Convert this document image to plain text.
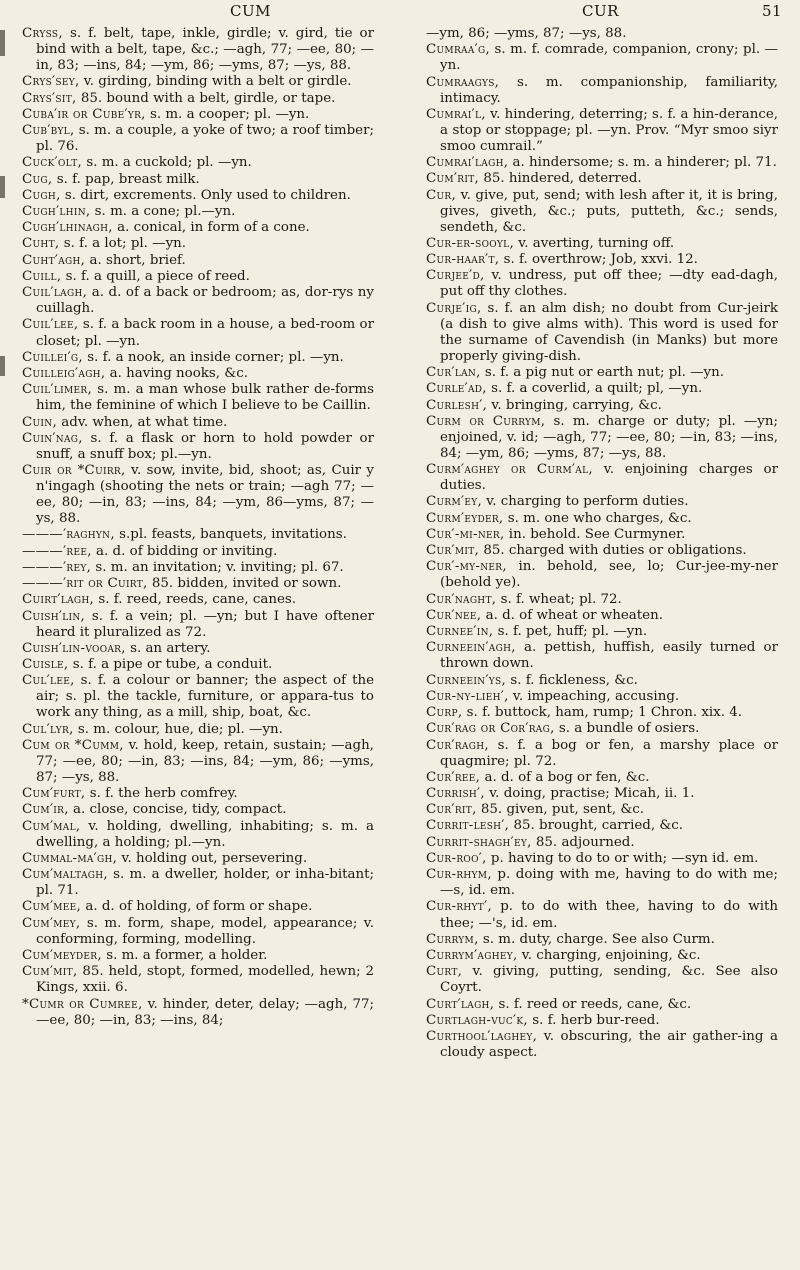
CUM	CUR	51

Cryss, s. f. belt, tape, inkle, girdle; v. gird, tie or bind with a belt, tape, &c.; —agh, 77; —ee, 80; —in, 83; —ins, 84; —ym, 86; —yms, 87; —ys, 88.

Crys′sey, v. girding, binding with a belt or girdle.

Crys′sit, 85. bound with a belt, girdle, or tape.

Cuba′ir or Cube′yr, s. m. a cooper; pl. —yn.

Cub′byl, s. m. a couple, a yoke of two; a roof timber; pl. 76.

Cuck′olt, s. m. a cuckold; pl. —yn.

Cug, s. f. pap, breast milk.

Cugh, s. dirt, excrements. Only used to children.

Cugh′lhin, s. m. a cone; pl.—yn.

Cugh′lhinagh, a. conical, in form of a cone.

Cuht, s. f. a lot; pl. —yn.

Cuht′agh, a. short, brief.

Cuill, s. f. a quill, a piece of reed.

Cuil′lagh, a. d. of a back or bedroom; as, dor-rys ny cuillagh.

Cuil′lee, s. f. a back room in a house, a bed-room or closet; pl. —yn.

Cuillei′g, s. f. a nook, an inside corner; pl. —yn.

Cuilleig′agh, a. having nooks, &c.

Cuil′limer, s. m. a man whose bulk rather de-forms him, the feminine of which I believe to be Caillin.

Cuin, adv. when, at what time.

Cuin′nag, s. f. a flask or horn to hold powder or snuff, a snuff box; pl.—yn.

Cuir or *Cuirr, v. sow, invite, bid, shoot; as, Cuir y n'ingagh (shooting the nets or train; —agh 77; —ee, 80; —in, 83; —ins, 84; —ym, 86—yms, 87; —ys, 88.

———′raghyn, s.pl. feasts, banquets, invitations.

———′ree, a. d. of bidding or inviting.

———′rey, s. m. an invitation; v. inviting; pl. 67.

———′rit or Cuirt, 85. bidden, invited or sown.

Cuirt′lagh, s. f. reed, reeds, cane, canes.

Cuish′lin, s. f. a vein; pl. —yn; but I have oftener heard it pluralized as 72.

Cuish′lin-vooar, s. an artery.

Cuisle, s. f. a pipe or tube, a conduit.

Cul′lee, s. f. a colour or banner; the aspect of the air; s. pl. the tackle, furniture, or appara-tus to work any thing, as a mill, ship, boat, &c.

Cul′lyr, s. m. colour, hue, die; pl. —yn.

Cum or *Cumm, v. hold, keep, retain, sustain; —agh, 77; —ee, 80; —in, 83; —ins, 84; —ym, 86; —yms, 87; —ys, 88.

Cum′furt, s. f. the herb comfrey.

Cum′ir, a. close, concise, tidy, compact.

Cum′mal, v. holding, dwelling, inhabiting; s. m. a dwelling, a holding; pl.—yn.

Cummal-ma′gh, v. holding out, persevering.

Cum′maltagh, s. m. a dweller, holder, or inha-bitant; pl. 71.

Cum′mee, a. d. of holding, of form or shape.

Cum′mey, s. m. form, shape, model, appearance; v. conforming, forming, modelling.

Cum′meyder, s. m. a former, a holder.

Cum′mit, 85. held, stopt, formed, modelled, hewn; 2 Kings, xxii. 6.

*Cumr or Cumree, v. hinder, deter, delay; —agh, 77; —ee, 80; —in, 83; —ins, 84;

—ym, 86; —yms, 87; —ys, 88.

Cumraa′g, s. m. f. comrade, companion, crony; pl. —yn.

Cumraagys, s. m. companionship, familiarity, intimacy.

Cumrai′l, v. hindering, deterring; s. f. a hin-derance, a stop or stoppage; pl. —yn. Prov. “Myr smoo siyr smoo cumrail.”

Cumrai′lagh, a. hindersome; s. m. a hinderer; pl. 71.

Cum′rit, 85. hindered, deterred.

Cur, v. give, put, send; with lesh after it, it is bring, gives, giveth, &c.; puts, putteth, &c.; sends, sendeth, &c.

Cur-er-sooyl, v. averting, turning off.

Cur-haar′t, s. f. overthrow; Job, xxvi. 12.

Curjee′d, v. undress, put off thee; —dty ead-dagh, put off thy clothes.

Curje′ig, s. f. an alm dish; no doubt from Cur-jeirk (a dish to give alms with). This word is used for the surname of Cavendish (in Manks) but more properly giving-dish.

Cur′lan, s. f. a pig nut or earth nut; pl. —yn.

Curle′ad, s. f. a coverlid, a quilt; pl, —yn.

Curlesh′, v. bringing, carrying, &c.

Curm or Currym, s. m. charge or duty; pl. —yn; enjoined, v. id; —agh, 77; —ee, 80; —in, 83; —ins, 84; —ym, 86; —yms, 87; —ys, 88.

Curm′aghey or Curm′al, v. enjoining charges or duties.

Curm′ey, v. charging to perform duties.

Curm′eyder, s. m. one who charges, &c.

Cur′-mi-ner, in. behold. See Curmyner.

Cur′mit, 85. charged with duties or obligations.

Cur′-my-ner, in. behold, see, lo; Cur-jee-my-ner (behold ye).

Cur′naght, s. f. wheat; pl. 72.

Cur′nee, a. d. of wheat or wheaten.

Curnee′in, s. f. pet, huff; pl. —yn.

Curneein′agh, a. pettish, huffish, easily turned or thrown down.

Curneein′ys, s. f. fickleness, &c.

Cur-ny-lieh′, v. impeaching, accusing.

Curp, s. f. buttock, ham, rump; 1 Chron. xix. 4.

Cur′rag or Cor′rag, s. a bundle of osiers.

Cur′ragh, s. f. a bog or fen, a marshy place or quagmire; pl. 72.

Cur′ree, a. d. of a bog or fen, &c.

Currish′, v. doing, practise; Micah, ii. 1.

Cur′rit, 85. given, put, sent, &c.

Currit-lesh′, 85. brought, carried, &c.

Currit-shagh′ey, 85. adjourned.

Cur-roo′, p. having to do to or with; —syn id. em.

Cur-rhym, p. doing with me, having to do with me; —s, id. em.

Cur-rhyt′, p. to do with thee, having to do with thee; —'s, id. em.

Currym, s. m. duty, charge. See also Curm.

Currym′aghey, v. charging, enjoining, &c.

Curt, v. giving, putting, sending, &c. See also Coyrt.

Curt′lagh, s. f. reed or reeds, cane, &c.

Curtlagh-vuc′k, s. f. herb bur-reed.

Curthool′laghey, v. obscuring, the air gather-ing a cloudy aspect.
